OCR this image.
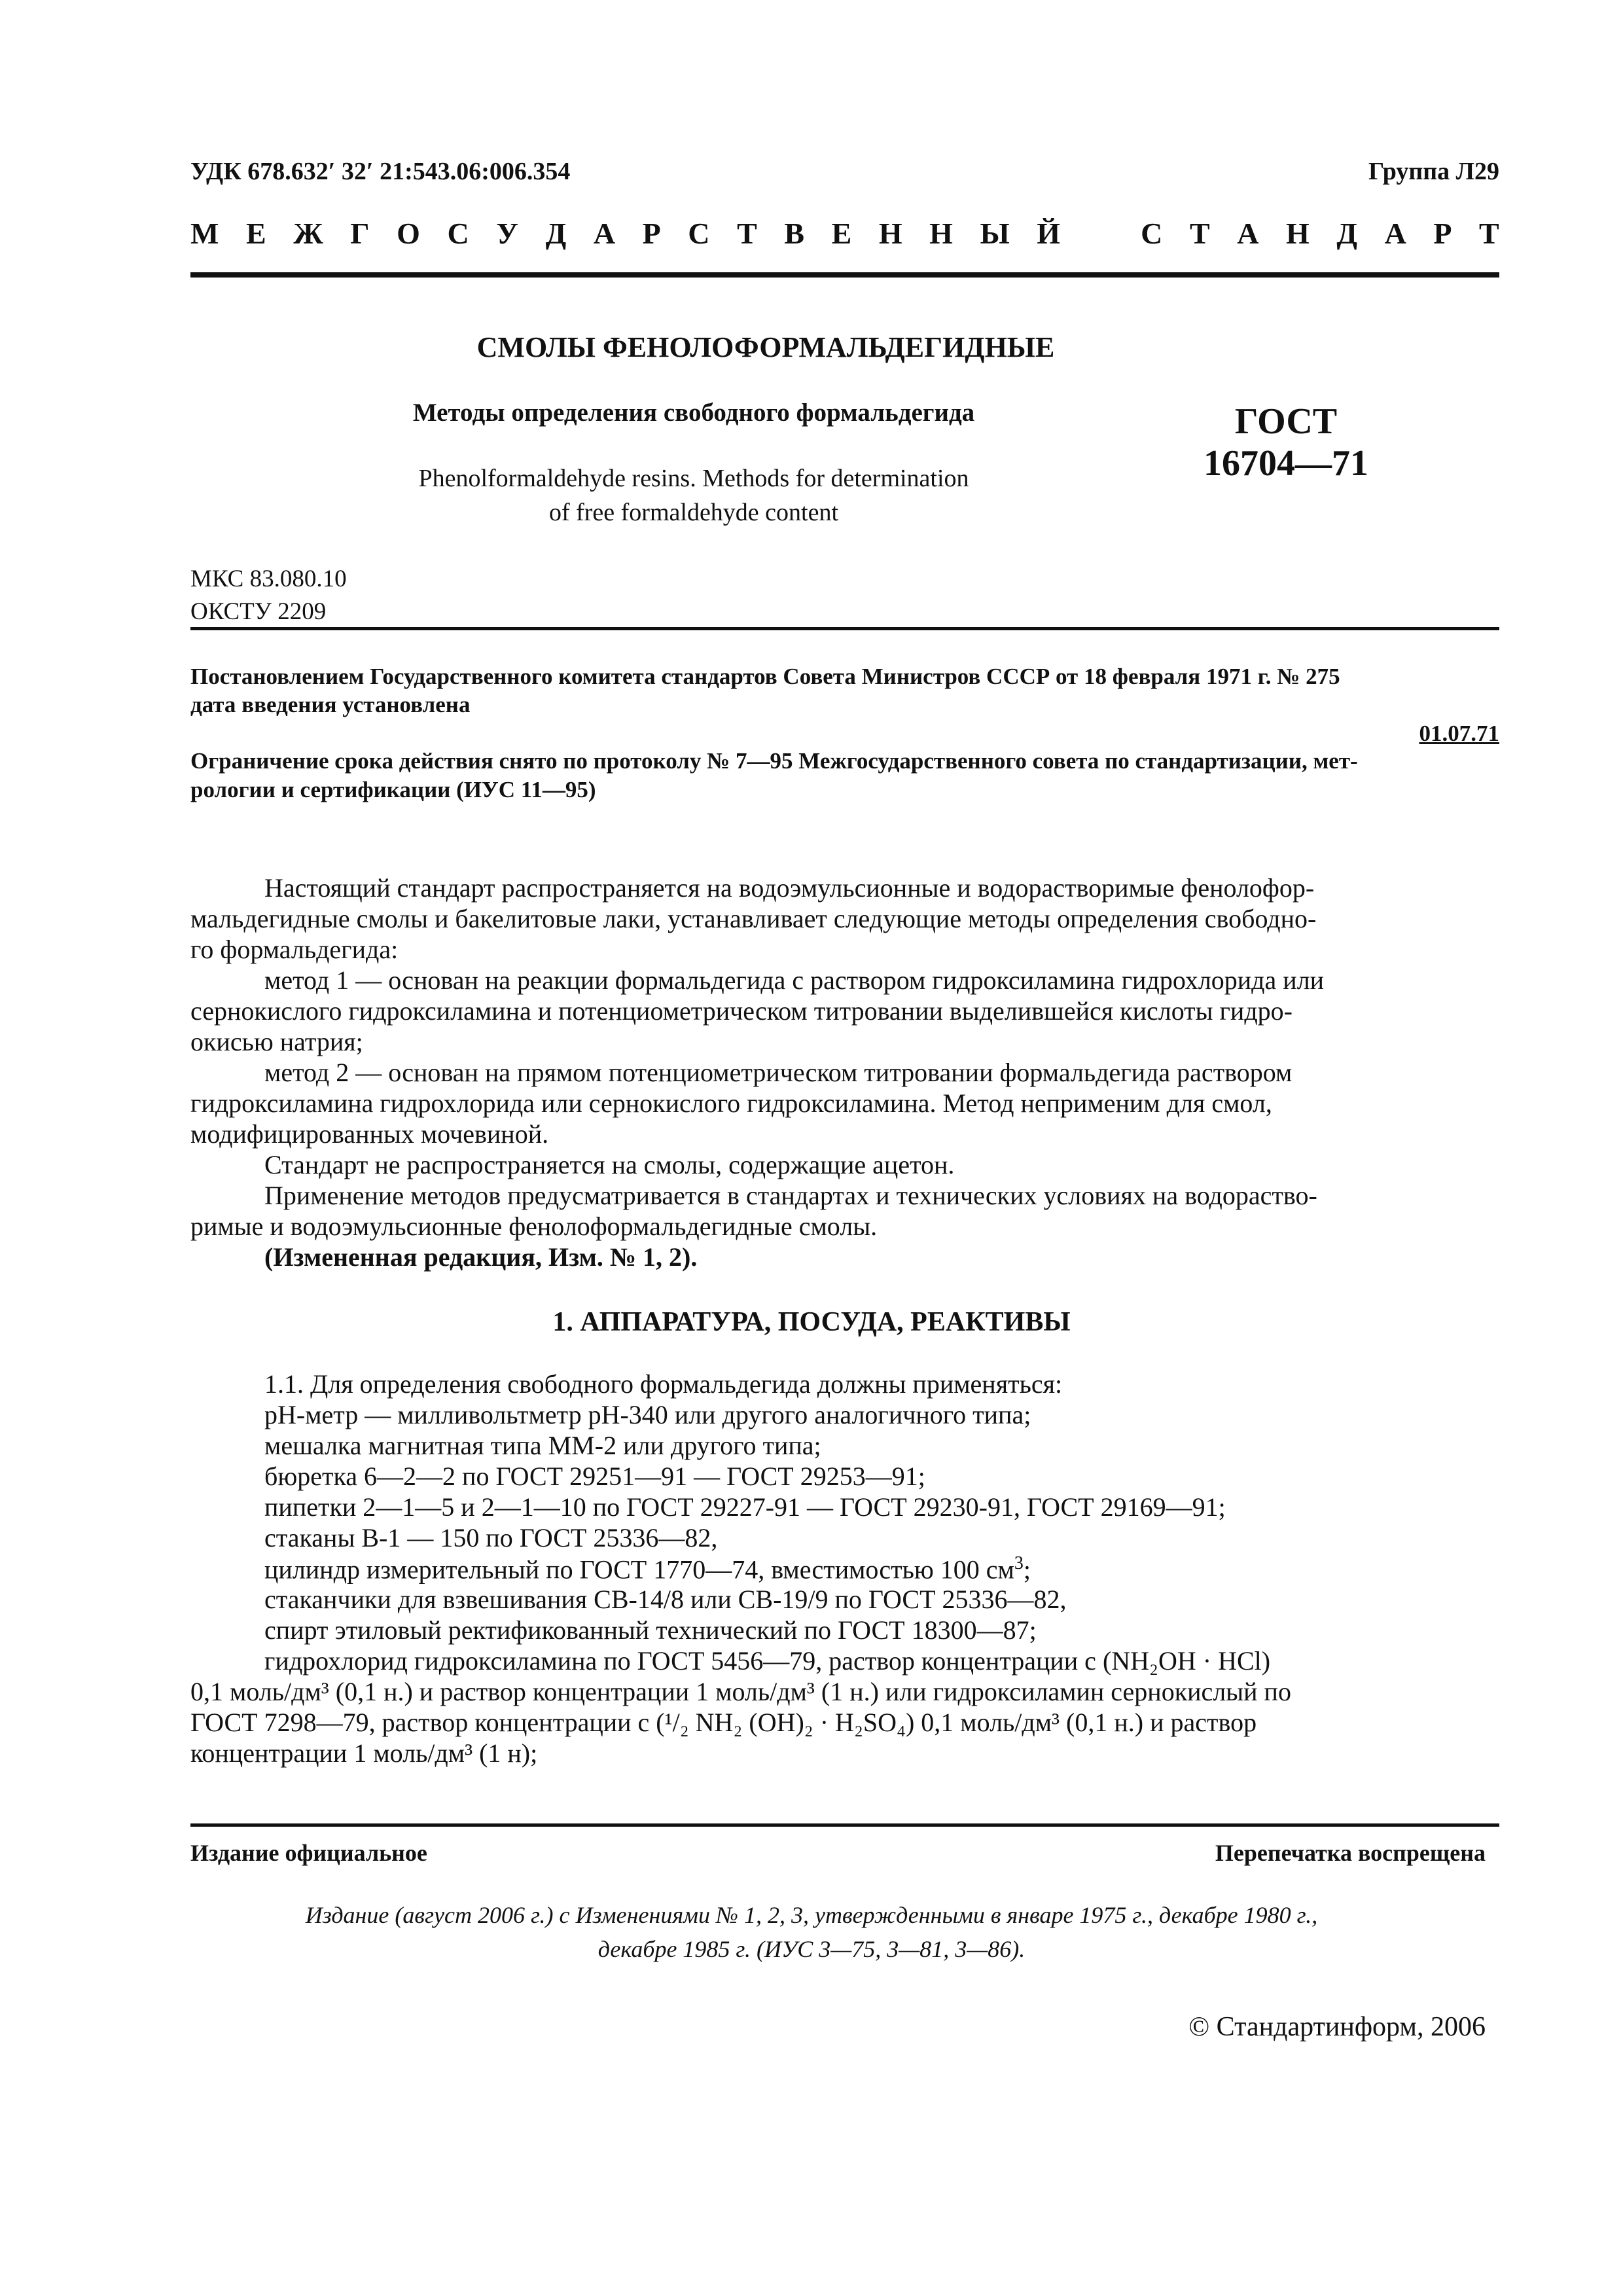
УДК 678.632′ 32′ 21:543.06:006.354	Группа Л29
М Е Ж Г О С У Д А Р С Т В Е Н Н Ы Й	С Т А Н Д А Р Т
СМОЛЫ ФЕНОЛОФОРМАЛЬДЕГИДНЫЕ
Методы определения свободного формальдегида	ГОСТ
16704—71
Phenolformaldehyde resins. Methods for determination
of free formaldehyde content
МКС 83.080.10
ОКСТУ 2209
Постановлением Государственного комитета стандартов Совета Министров СССР от 18 февраля 1971 г. № 275
дата введения установлена
01.07.71
Ограничение срока действия снято по протоколу № 7—95 Межгосударственного совета по стандартизации, мет-
рологии и сертификации (ИУС 11—95)
Настоящий стандарт распространяется на водоэмульсионные и водорастворимые фенолофор-
мальдегидные смолы и бакелитовые лаки, устанавливает следующие методы определения свободно-
го формальдегида:
метод 1 — основан на реакции формальдегида с раствором гидроксиламина гидрохлорида или
сернокислого гидроксиламина и потенциометрическом титровании выделившейся кислоты гидро-
окисью натрия;
метод 2 — основан на прямом потенциометрическом титровании формальдегида раствором
гидроксиламина гидрохлорида или сернокислого гидроксиламина. Метод неприменим для смол,
модифицированных мочевиной.
Стандарт не распространяется на смолы, содержащие ацетон.
Применение методов предусматривается в стандартах и технических условиях на водораство-
римые и водоэмульсионные фенолоформальдегидные смолы.
(Измененная редакция, Изм. № 1, 2).
1. АППАРАТУРА, ПОСУДА, РЕАКТИВЫ
1.1. Для определения свободного формальдегида должны применяться:
pH-метр — милливольтметр pH-340 или другого аналогичного типа;
мешалка магнитная типа ММ-2 или другого типа;
бюретка 6—2—2 по ГОСТ 29251—91 — ГОСТ 29253—91;
пипетки 2—1—5 и 2—1—10 по ГОСТ 29227-91 — ГОСТ 29230-91, ГОСТ 29169—91;
стаканы В-1 — 150 по ГОСТ 25336—82,
цилиндр измерительный по ГОСТ 1770—74, вместимостью 100 $см^3$;
стаканчики для взвешивания СВ-14/8 или СВ-19/9 по ГОСТ 25336—82,
спирт этиловый ректификованный технический по ГОСТ 18300—87;
гидрохлорид гидроксиламина по ГОСТ 5456—79, раствор концентрации с (NH₂OH · HCl)
0,1 моль/дм³ (0,1 н.) и раствор концентрации 1 моль/дм³ (1 н.) или гидроксиламин сернокислый по
ГОСТ 7298—79, раствор концентрации с (¹/₂ NH₂ (OH)₂ · H₂SO₄) 0,1 моль/дм³ (0,1 н.) и раствор
концентрации 1 моль/дм³ (1 н);
Издание официальное	Перепечатка воспрещена
Издание (август 2006 г.) с Изменениями № 1, 2, 3, утвержденными в январе 1975 г., декабре 1980 г.,
декабре 1985 г. (ИУС 3—75, 3—81, 3—86).
© Стандартинформ, 2006
